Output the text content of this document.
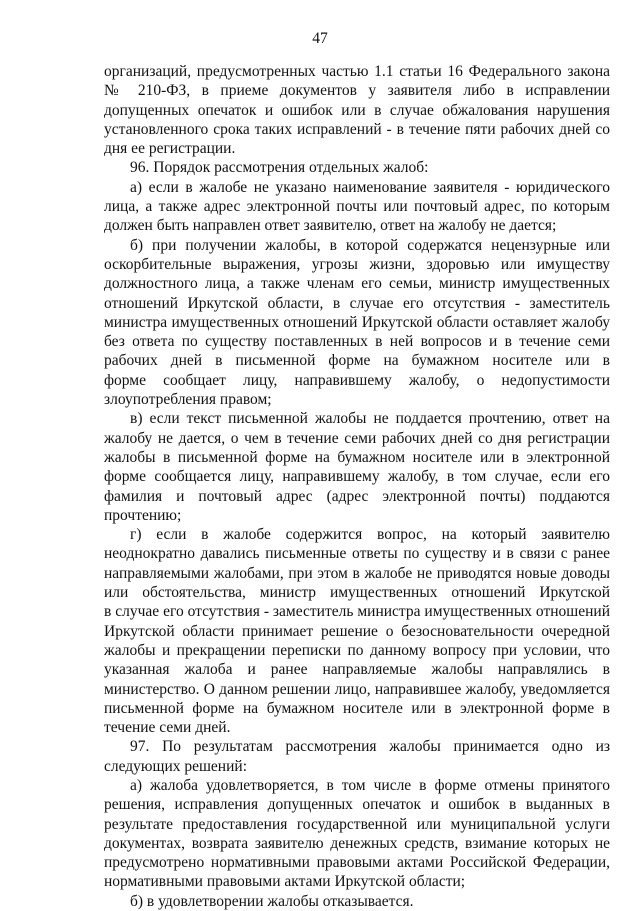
47
организаций, предусмотренных частью 1.1 статьи 16 Федерального закона
№ 210-ФЗ, в приеме документов у заявителя либо в исправлении
допущенных опечаток и ошибок или в случае обжалования нарушения
установленного срока таких исправлений - в течение пяти рабочих дней со
дня ее регистрации.
96. Порядок рассмотрения отдельных жалоб:
а) если в жалобе не указано наименование заявителя - юридического
лица, а также адрес электронной почты или почтовый адрес, по которым
должен быть направлен ответ заявителю, ответ на жалобу не дается;
б) при получении жалобы, в которой содержатся нецензурные или
оскорбительные выражения, угрозы жизни, здоровью или имуществу
должностного лица, а также членам его семьи, министр имущественных
отношений Иркутской области, в случае его отсутствия - заместитель
министра имущественных отношений Иркутской области оставляет жалобу
без ответа по существу поставленных в ней вопросов и в течение семи
рабочих дней в письменной форме на бумажном носителе или в
форме сообщает лицу, направившему жалобу, о недопустимости
злоупотребления правом;
в) если текст письменной жалобы не поддается прочтению, ответ на
жалобу не дается, о чем в течение семи рабочих дней со дня регистрации
жалобы в письменной форме на бумажном носителе или в электронной
форме сообщается лицу, направившему жалобу, в том случае, если его
фамилия и почтовый адрес (адрес электронной почты) поддаются
прочтению;
г) если в жалобе содержится вопрос, на который заявителю
неоднократно давались письменные ответы по существу и в связи с ранее
направляемыми жалобами, при этом в жалобе не приводятся новые доводы
или обстоятельства, министр имущественных отношений Иркутской
в случае его отсутствия - заместитель министра имущественных отношений
Иркутской области принимает решение о безосновательности очередной
жалобы и прекращении переписки по данному вопросу при условии, что
указанная жалоба и ранее направляемые жалобы направлялись в
министерство. О данном решении лицо, направившее жалобу, уведомляется
письменной форме на бумажном носителе или в электронной форме в
течение семи дней.
97. По результатам рассмотрения жалобы принимается одно из
следующих решений:
а) жалоба удовлетворяется, в том числе в форме отмены принятого
решения, исправления допущенных опечаток и ошибок в выданных в
результате предоставления государственной или муниципальной услуги
документах, возврата заявителю денежных средств, взимание которых не
предусмотрено нормативными правовыми актами Российской Федерации,
нормативными правовыми актами Иркутской области;
б) в удовлетворении жалобы отказывается.
